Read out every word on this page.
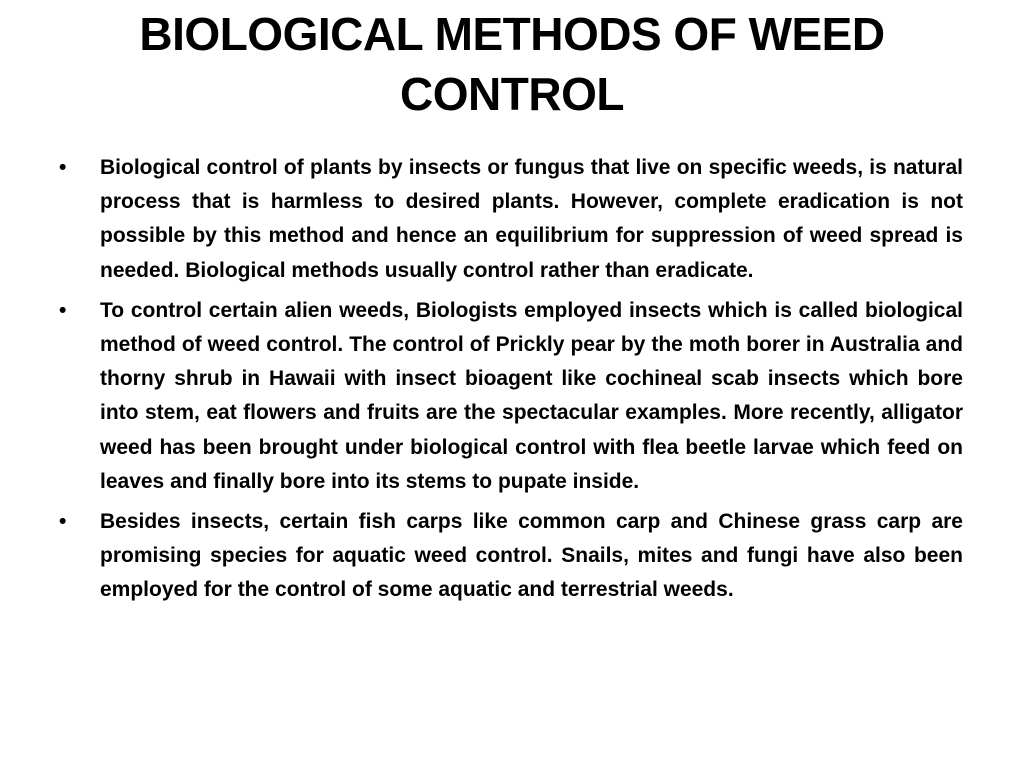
BIOLOGICAL METHODS OF WEED CONTROL
• Biological control of plants by insects or fungus that live on specific weeds, is natural process that is harmless to desired plants. However, complete eradication is not possible by this method and hence an equilibrium for suppression of weed spread is needed. Biological methods usually control rather than eradicate.
• To control certain alien weeds, Biologists employed insects which is called biological method of weed control. The control of Prickly pear by the moth borer in Australia and thorny shrub in Hawaii with insect bioagent like cochineal scab insects which bore into stem, eat flowers and fruits are the spectacular examples. More recently, alligator weed has been brought under biological control with flea beetle larvae which feed on leaves and finally bore into its stems to pupate inside.
• Besides insects, certain fish carps like common carp and Chinese grass carp are promising species for aquatic weed control. Snails, mites and fungi have also been employed for the control of some aquatic and terrestrial weeds.
